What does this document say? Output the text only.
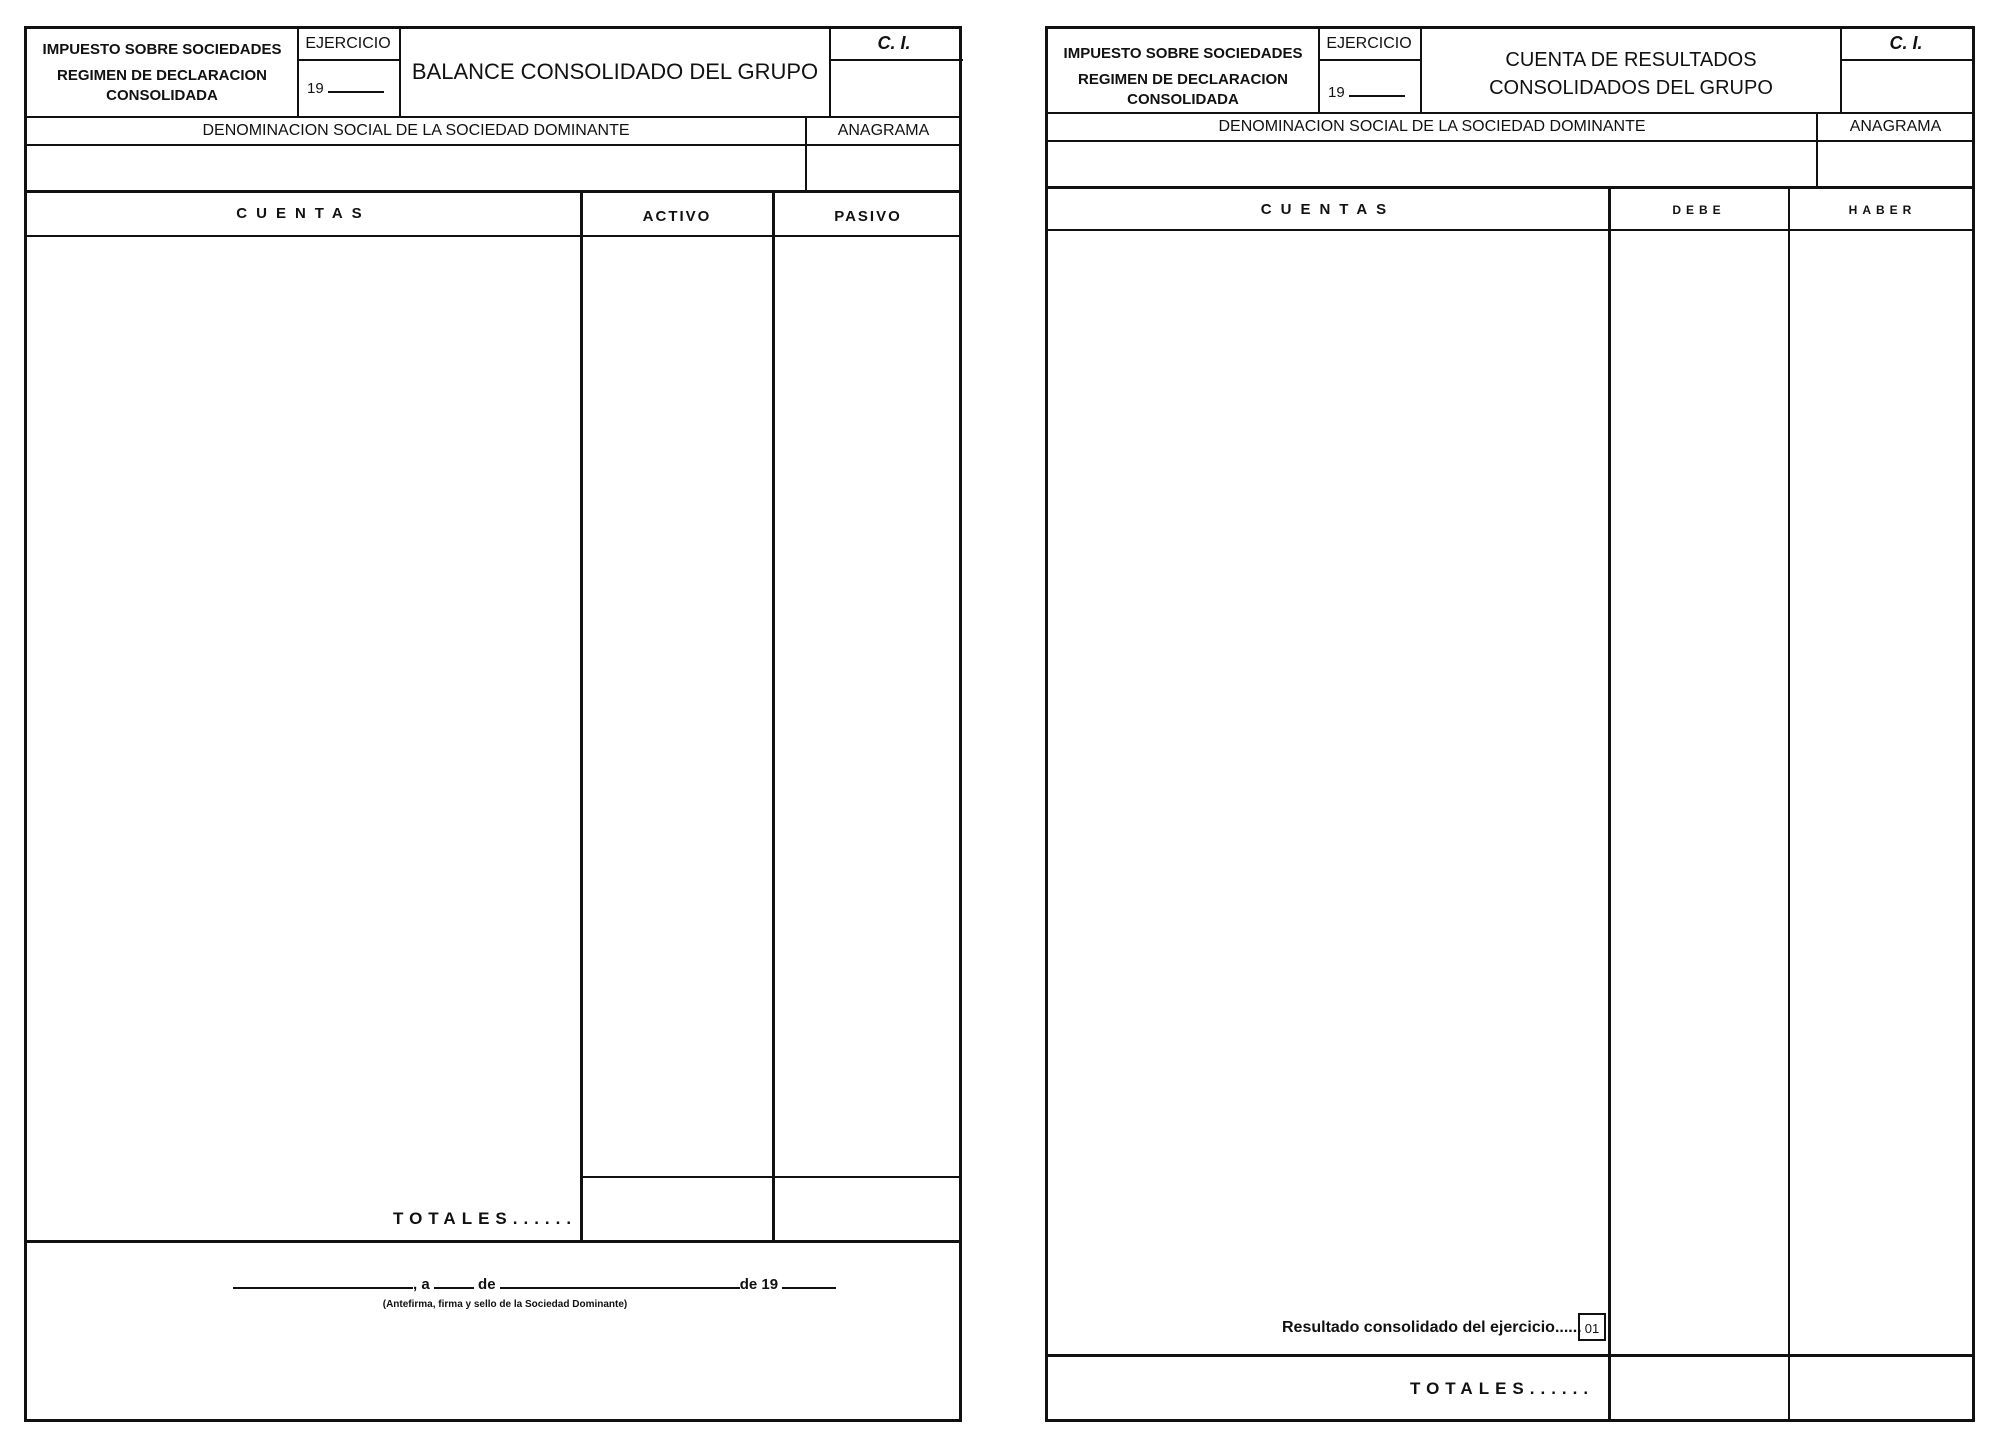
IMPUESTO SOBRE SOCIEDADES
REGIMEN DE DECLARACION
CONSOLIDADA
EJERCICIO
19
BALANCE CONSOLIDADO DEL GRUPO
C. I.
DENOMINACION SOCIAL DE LA SOCIEDAD DOMINANTE	ANAGRAMA
CUENTAS	ACTIVO	PASIVO
TOTALES......
, a	de	de 19
(Antefirma, firma y sello de la Sociedad Dominante)
IMPUESTO SOBRE SOCIEDADES
REGIMEN DE DECLARACION
CONSOLIDADA
EJERCICIO
19
CUENTA DE RESULTADOS
CONSOLIDADOS DEL GRUPO
C. I.
DENOMINACION SOCIAL DE LA SOCIEDAD DOMINANTE	ANAGRAMA
CUENTAS	DEBE	HABER
Resultado consolidado del ejercicio...... 01
TOTALES......
